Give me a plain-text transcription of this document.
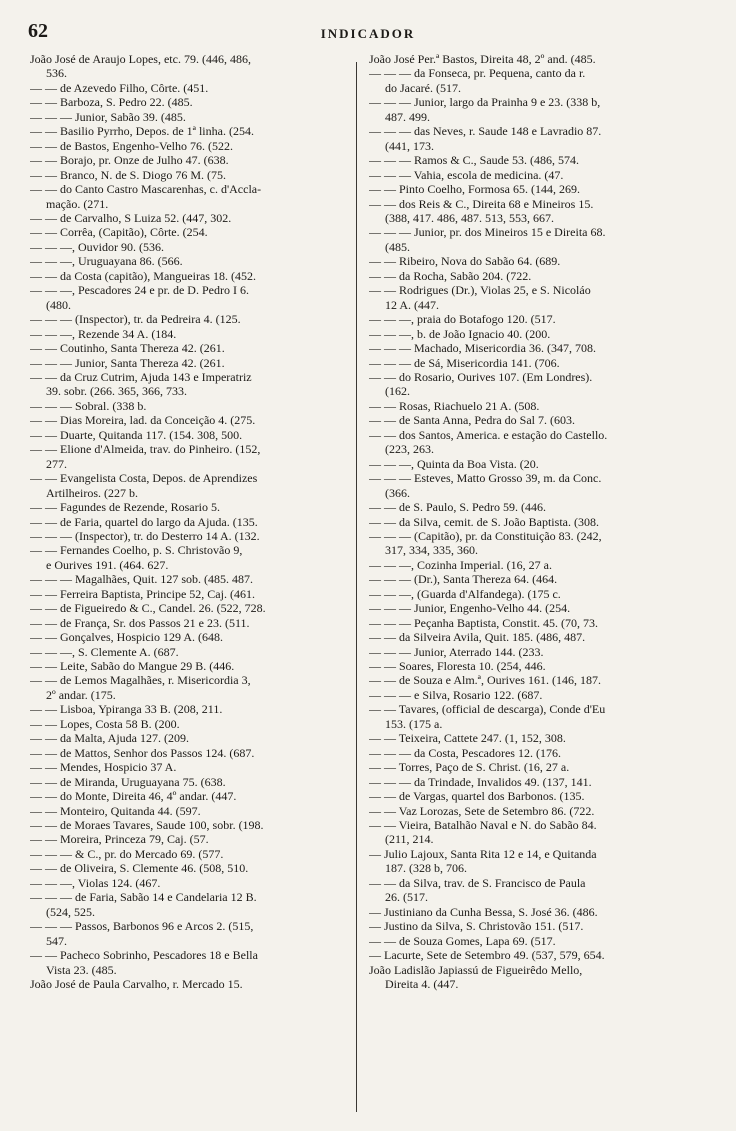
62	INDICADOR
João José de Araujo Lopes, etc. 79. (446, 486,
536.
— — de Azevedo Filho, Côrte. (451.
— — Barboza, S. Pedro 22. (485.
— — — Junior, Sabão 39. (485.
— — Basilio Pyrrho, Depos. de 1ª linha. (254.
— — de Bastos, Engenho-Velho 76. (522.
— — Borajo, pr. Onze de Julho 47. (638.
— — Branco, N. de S. Diogo 76 M. (75.
— — do Canto Castro Mascarenhas, c. d'Accla-
mação. (271.
— — de Carvalho, S Luiza 52. (447, 302.
— — Corrêa, (Capitão), Côrte. (254.
— — —, Ouvidor 90. (536.
— — —, Uruguayana 86. (566.
— — da Costa (capitão), Mangueiras 18. (452.
— — —, Pescadores 24 e pr. de D. Pedro I 6.
(480.
— — — (Inspector), tr. da Pedreira 4. (125.
— — —, Rezende 34 A. (184.
— — Coutinho, Santa Thereza 42. (261.
— — — Junior, Santa Thereza 42. (261.
— — da Cruz Cutrim, Ajuda 143 e Imperatriz
39. sobr. (266. 365, 366, 733.
— — — Sobral. (338 b.
— — Dias Moreira, lad. da Conceição 4. (275.
— — Duarte, Quitanda 117. (154. 308, 500.
— — Elione d'Almeida, trav. do Pinheiro. (152,
277.
— — Evangelista Costa, Depos. de Aprendizes
Artilheiros. (227 b.
— — Fagundes de Rezende, Rosario 5.
— — de Faria, quartel do largo da Ajuda. (135.
— — — (Inspector), tr. do Desterro 14 A. (132.
— — Fernandes Coelho, p. S. Christovão 9,
e Ourives 191. (464. 627.
— — — Magalhães, Quit. 127 sob. (485. 487.
— — Ferreira Baptista, Principe 52, Caj. (461.
— — de Figueiredo & C., Candel. 26. (522, 728.
— — de França, Sr. dos Passos 21 e 23. (511.
— — Gonçalves, Hospicio 129 A. (648.
— — —, S. Clemente A. (687.
— — Leite, Sabão do Mangue 29 B. (446.
— — de Lemos Magalhães, r. Misericordia 3,
2º andar. (175.
— — Lisboa, Ypiranga 33 B. (208, 211.
— — Lopes, Costa 58 B. (200.
— — da Malta, Ajuda 127. (209.
— — de Mattos, Senhor dos Passos 124. (687.
— — Mendes, Hospicio 37 A.
— — de Miranda, Uruguayana 75. (638.
— — do Monte, Direita 46, 4º andar. (447.
— — Monteiro, Quitanda 44. (597.
— — de Moraes Tavares, Saude 100, sobr. (198.
— — Moreira, Princeza 79, Caj. (57.
— — — & C., pr. do Mercado 69. (577.
— — de Oliveira, S. Clemente 46. (508, 510.
— — —, Violas 124. (467.
— — — de Faria, Sabão 14 e Candelaria 12 B.
(524, 525.
— — — Passos, Barbonos 96 e Arcos 2. (515,
547.
— — Pacheco Sobrinho, Pescadores 18 e Bella
Vista 23. (485.
João José de Paula Carvalho, r. Mercado 15.
João José Per.ª Bastos, Direita 48, 2º and. (485.
— — — da Fonseca, pr. Pequena, canto da r.
do Jacaré. (517.
— — — Junior, largo da Prainha 9 e 23. (338 b,
487. 499.
— — — das Neves, r. Saude 148 e Lavradio 87.
(441, 173.
— — — Ramos & C., Saude 53. (486, 574.
— — — Vahia, escola de medicina. (47.
— — Pinto Coelho, Formosa 65. (144, 269.
— — dos Reis & C., Direita 68 e Mineiros 15.
(388, 417. 486, 487. 513, 553, 667.
— — — Junior, pr. dos Mineiros 15 e Direita 68.
(485.
— — Ribeiro, Nova do Sabão 64. (689.
— — da Rocha, Sabão 204. (722.
— — Rodrigues (Dr.), Violas 25, e S. Nicoláo
12 A. (447.
— — —, praia do Botafogo 120. (517.
— — —, b. de João Ignacio 40. (200.
— — — Machado, Misericordia 36. (347, 708.
— — — de Sá, Misericordia 141. (706.
— — do Rosario, Ourives 107. (Em Londres).
(162.
— — Rosas, Riachuelo 21 A. (508.
— — de Santa Anna, Pedra do Sal 7. (603.
— — dos Santos, America. e estação do Castello.
(223, 263.
— — —, Quinta da Boa Vista. (20.
— — — Esteves, Matto Grosso 39, m. da Conc.
(366.
— — de S. Paulo, S. Pedro 59. (446.
— — da Silva, cemit. de S. João Baptista. (308.
— — — (Capitão), pr. da Constituição 83. (242,
317, 334, 335, 360.
— — —, Cozinha Imperial. (16, 27 a.
— — — (Dr.), Santa Thereza 64. (464.
— — —, (Guarda d'Alfandega). (175 c.
— — — Junior, Engenho-Velho 44. (254.
— — — Peçanha Baptista, Constit. 45. (70, 73.
— — da Silveira Avila, Quit. 185. (486, 487.
— — — Junior, Aterrado 144. (233.
— — Soares, Floresta 10. (254, 446.
— — de Souza e Alm.ª, Ourives 161. (146, 187.
— — — e Silva, Rosario 122. (687.
— — Tavares, (official de descarga), Conde d'Eu
153. (175 a.
— — Teixeira, Cattete 247. (1, 152, 308.
— — — da Costa, Pescadores 12. (176.
— — Torres, Paço de S. Christ. (16, 27 a.
— — — da Trindade, Invalidos 49. (137, 141.
— — de Vargas, quartel dos Barbonos. (135.
— — Vaz Lorozas, Sete de Setembro 86. (722.
— — Vieira, Batalhão Naval e N. do Sabão 84.
(211, 214.
— Julio Lajoux, Santa Rita 12 e 14, e Quitanda
187. (328 b, 706.
— — da Silva, trav. de S. Francisco de Paula
26. (517.
— Justiniano da Cunha Bessa, S. José 36. (486.
— Justino da Silva, S. Christovão 151. (517.
— — de Souza Gomes, Lapa 69. (517.
— Lacurte, Sete de Setembro 49. (537, 579, 654.
João Ladislão Japiassú de Figueirêdo Mello,
Direita 4. (447.
